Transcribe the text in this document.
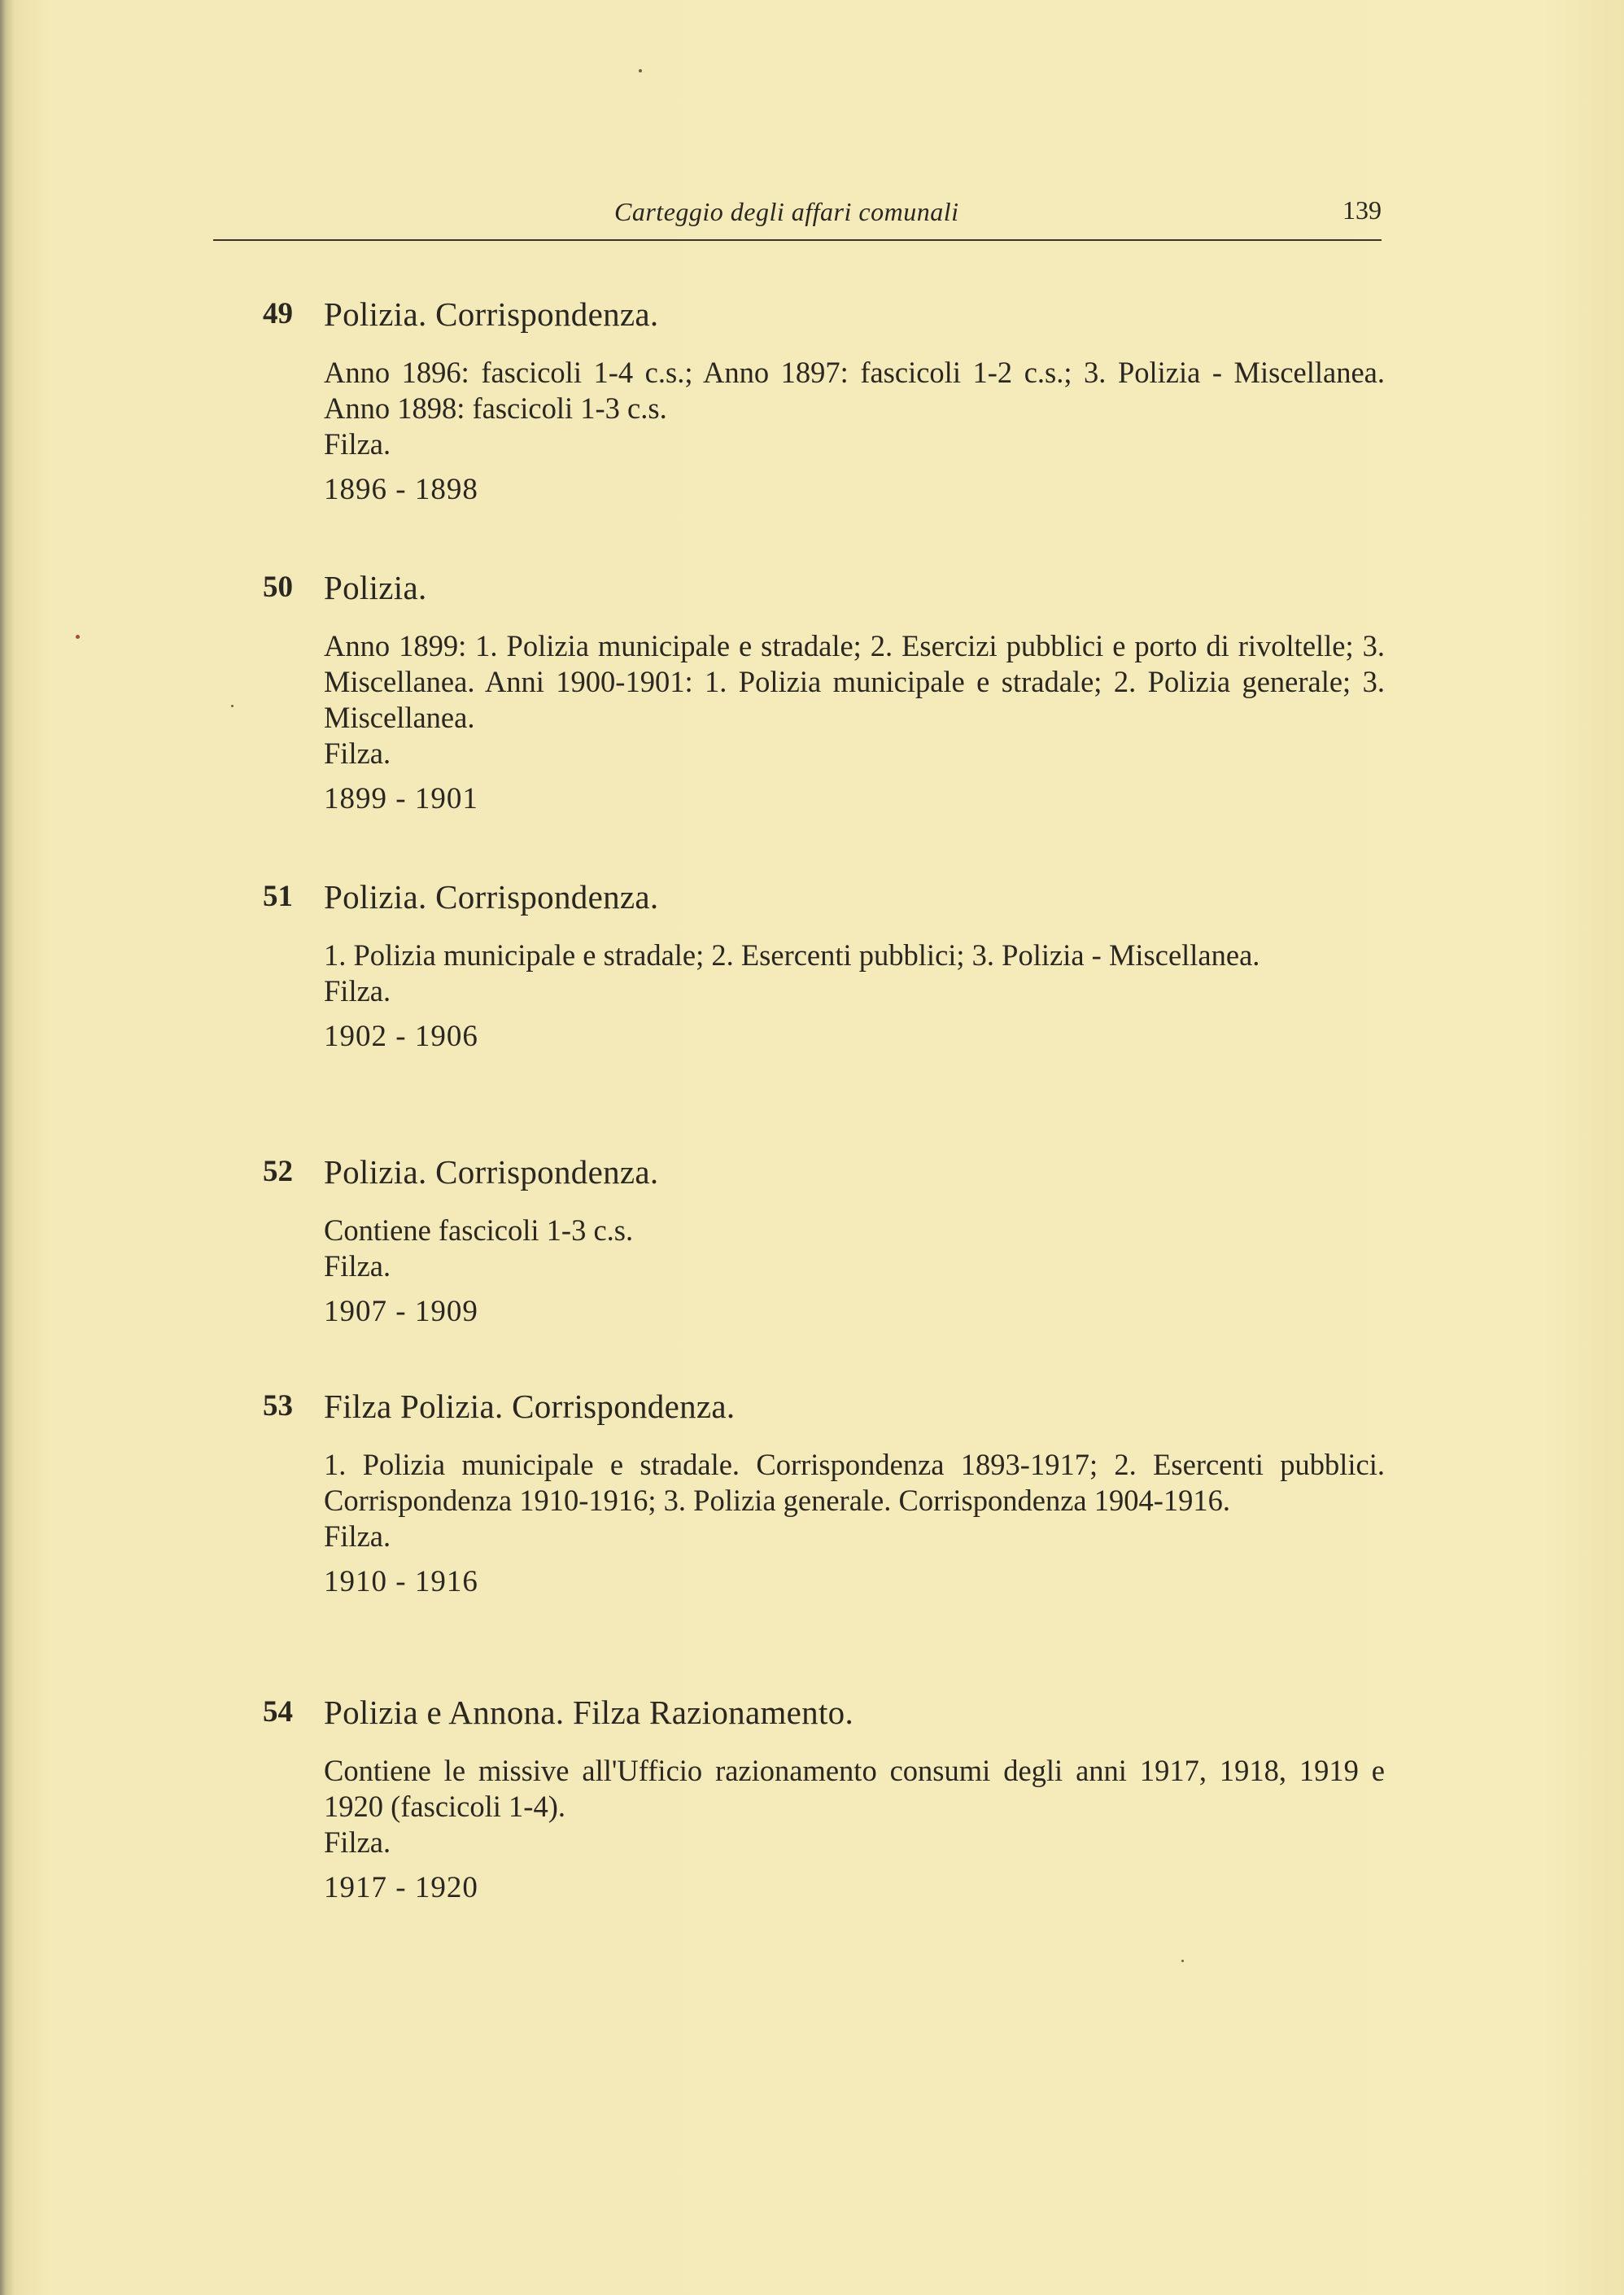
Carteggio degli affari comunali	139
49 Polizia. Corrispondenza.

Anno 1896: fascicoli 1-4 c.s.; Anno 1897: fascicoli 1-2 c.s.; 3. Polizia - Miscellanea. Anno 1898: fascicoli 1-3 c.s.

Filza.

1896 - 1898
50 Polizia.

Anno 1899: 1. Polizia municipale e stradale; 2. Esercizi pubblici e porto di rivoltelle; 3. Miscellanea. Anni 1900-1901: 1. Polizia municipale e stradale; 2. Polizia generale; 3. Miscellanea.

Filza.

1899 - 1901
51 Polizia. Corrispondenza.

1. Polizia municipale e stradale; 2. Esercenti pubblici; 3. Polizia - Miscellanea.

Filza.

1902 - 1906
52 Polizia. Corrispondenza.

Contiene fascicoli 1-3 c.s.

Filza.

1907 - 1909
53 Filza Polizia. Corrispondenza.

1. Polizia municipale e stradale. Corrispondenza 1893-1917; 2. Esercenti pubblici. Corrispondenza 1910-1916; 3. Polizia generale. Corrispondenza 1904-1916.

Filza.

1910 - 1916
54 Polizia e Annona. Filza Razionamento.

Contiene le missive all'Ufficio razionamento consumi degli anni 1917, 1918, 1919 e 1920 (fascicoli 1-4).

Filza.

1917 - 1920
